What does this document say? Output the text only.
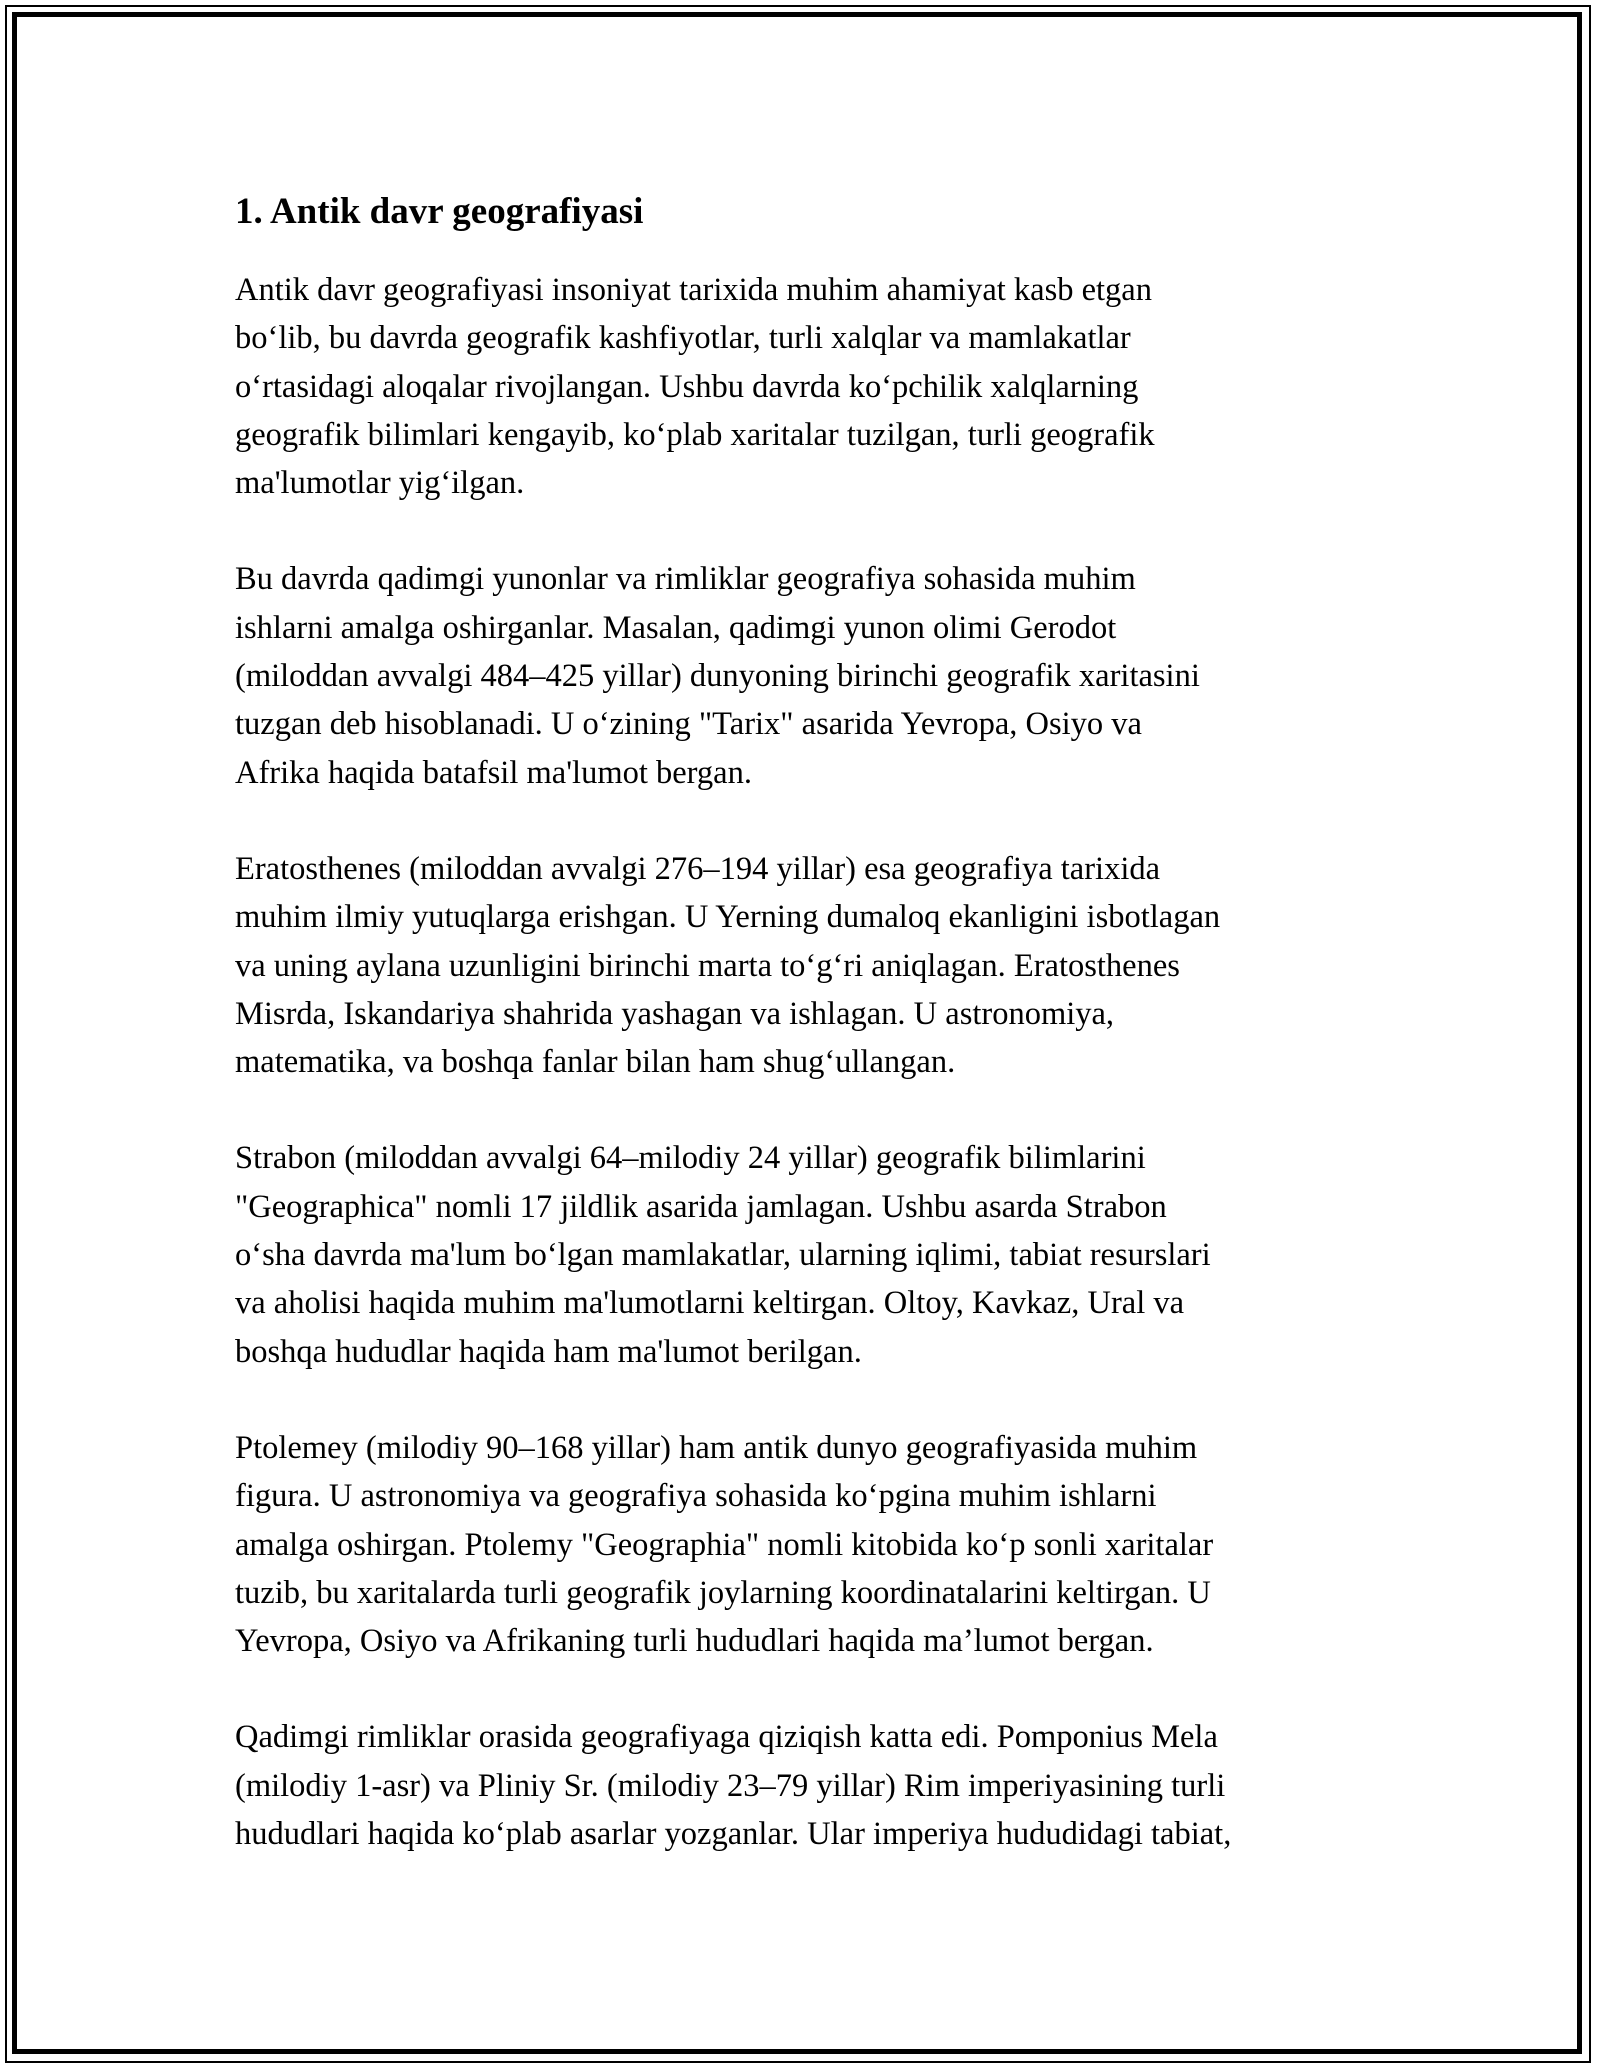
1. Antik davr geografiyasi

Antik davr geografiyasi insoniyat tarixida muhim ahamiyat kasb etgan
bo‘lib, bu davrda geografik kashfiyotlar, turli xalqlar va mamlakatlar
o‘rtasidagi aloqalar rivojlangan. Ushbu davrda ko‘pchilik xalqlarning
geografik bilimlari kengayib, ko‘plab xaritalar tuzilgan, turli geografik
ma'lumotlar yig‘ilgan.

Bu davrda qadimgi yunonlar va rimliklar geografiya sohasida muhim
ishlarni amalga oshirganlar. Masalan, qadimgi yunon olimi Gerodot
(miloddan avvalgi 484–425 yillar) dunyoning birinchi geografik xaritasini
tuzgan deb hisoblanadi. U o‘zining "Tarix" asarida Yevropa, Osiyo va
Afrika haqida batafsil ma'lumot bergan.

Eratosthenes (miloddan avvalgi 276–194 yillar) esa geografiya tarixida
muhim ilmiy yutuqlarga erishgan. U Yerning dumaloq ekanligini isbotlagan
va uning aylana uzunligini birinchi marta to‘g‘ri aniqlagan. Eratosthenes
Misrda, Iskandariya shahrida yashagan va ishlagan. U astronomiya,
matematika, va boshqa fanlar bilan ham shug‘ullangan.

Strabon (miloddan avvalgi 64–milodiy 24 yillar) geografik bilimlarini
"Geographica" nomli 17 jildlik asarida jamlagan. Ushbu asarda Strabon
o‘sha davrda ma'lum bo‘lgan mamlakatlar, ularning iqlimi, tabiat resurslari
va aholisi haqida muhim ma'lumotlarni keltirgan. Oltoy, Kavkaz, Ural va
boshqa hududlar haqida ham ma'lumot berilgan.

Ptolemey (milodiy 90–168 yillar) ham antik dunyo geografiyasida muhim
figura. U astronomiya va geografiya sohasida ko‘pgina muhim ishlarni
amalga oshirgan. Ptolemy "Geographia" nomli kitobida ko‘p sonli xaritalar
tuzib, bu xaritalarda turli geografik joylarning koordinatalarini keltirgan. U
Yevropa, Osiyo va Afrikaning turli hududlari haqida ma’lumot bergan.

Qadimgi rimliklar orasida geografiyaga qiziqish katta edi. Pomponius Mela
(milodiy 1-asr) va Pliniy Sr. (milodiy 23–79 yillar) Rim imperiyasining turli
hududlari haqida ko‘plab asarlar yozganlar. Ular imperiya hududidagi tabiat,
